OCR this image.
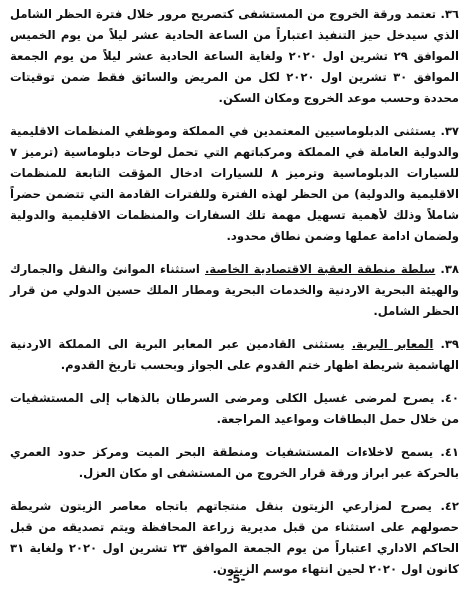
٣٦. تعتمد ورقة الخروج من المستشفى كتصريح مرور خلال فترة الحظر الشامل الذي سيدخل حيز التنفيذ اعتباراً من الساعة الحادية عشر ليلاً من يوم الخميس الموافق ٢٩ تشرين اول ٢٠٢٠ ولغاية الساعة الحادية عشر ليلاً من يوم الجمعة الموافق ٣٠ تشرين اول ٢٠٢٠ لكل من المريض والسائق فقط ضمن توقيتات محددة وحسب موعد الخروج ومكان السكن.

٣٧. يستثنى الدبلوماسيين المعتمدين في المملكة وموظفي المنظمات الاقليمية والدولية العاملة في المملكة ومركباتهم التي تحمل لوحات دبلوماسية (ترميز ٧ للسيارات الدبلوماسية وترميز ٨ للسيارات ادخال المؤقت التابعة للمنظمات الاقليمية والدولية) من الحظر لهذه الفترة وللفترات القادمة التي تتضمن حضراً شاملاً وذلك لأهمية تسهيل مهمة تلك السفارات والمنظمات الاقليمية والدولية ولضمان ادامة عملها وضمن نطاق محدود.

٣٨. سلطة منطقة العقبة الاقتصادية الخاصة. استثناء الموانئ والنقل والجمارك والهيئة البحرية الاردنية والخدمات البحرية ومطار الملك حسين الدولي من قرار الحظر الشامل.

٣٩. المعابر البرية. يستثنى القادمين عبر المعابر البرية الى المملكة الاردنية الهاشمية شريطة اظهار ختم القدوم على الجواز وبحسب تاريخ القدوم.

٤٠. يصرح لمرضى غسيل الكلى ومرضى السرطان بالذهاب إلى المستشفيات من خلال حمل البطاقات ومواعيد المراجعة.

٤١. يسمح لاخلاءات المستشفيات ومنطقة البحر الميت ومركز حدود العمري بالحركة عبر ابراز ورقة قرار الخروج من المستشفى او مكان العزل.

٤٢. يصرح لمزارعي الزيتون بنقل منتجاتهم باتجاه معاصر الزيتون شريطة حصولهم على استثناء من قبل مديرية زراعة المحافظة ويتم تصديقه من قبل الحاكم الاداري اعتباراً من يوم الجمعة الموافق ٢٣ تشرين اول ٢٠٢٠ ولغاية ٣١ كانون اول ٢٠٢٠ لحين انتهاء موسم الزيتون.

-5-
